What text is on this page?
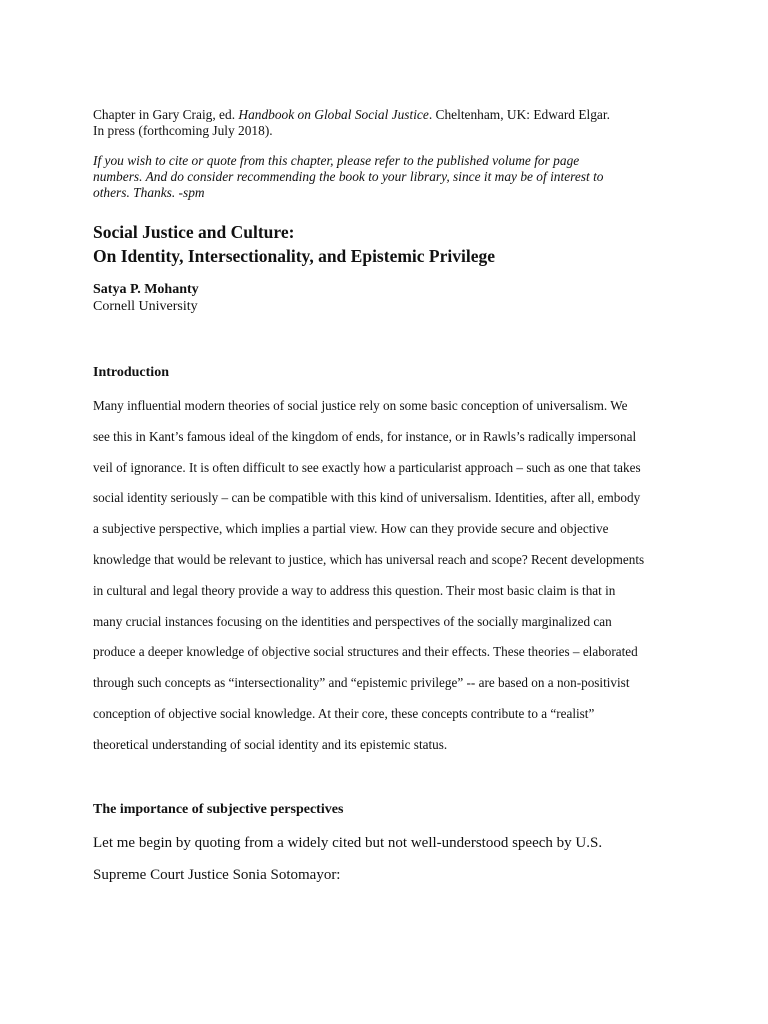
Chapter in Gary Craig, ed. Handbook on Global Social Justice. Cheltenham, UK: Edward Elgar.
In press (forthcoming July 2018).

If you wish to cite or quote from this chapter, please refer to the published volume for page
numbers. And do consider recommending the book to your library, since it may be of interest to
others. Thanks. -spm

Social Justice and Culture:
On Identity, Intersectionality, and Epistemic Privilege
Satya P. Mohanty
Cornell University
Introduction
Many influential modern theories of social justice rely on some basic conception of universalism. We
see this in Kant’s famous ideal of the kingdom of ends, for instance, or in Rawls’s radically impersonal
veil of ignorance. It is often difficult to see exactly how a particularist approach – such as one that takes
social identity seriously – can be compatible with this kind of universalism. Identities, after all, embody
a subjective perspective, which implies a partial view. How can they provide secure and objective
knowledge that would be relevant to justice, which has universal reach and scope? Recent developments
in cultural and legal theory provide a way to address this question. Their most basic claim is that in
many crucial instances focusing on the identities and perspectives of the socially marginalized can
produce a deeper knowledge of objective social structures and their effects. These theories – elaborated
through such concepts as “intersectionality” and “epistemic privilege” -- are based on a non-positivist
conception of objective social knowledge. At their core, these concepts contribute to a “realist”
theoretical understanding of social identity and its epistemic status.
The importance of subjective perspectives
Let me begin by quoting from a widely cited but not well-understood speech by U.S.
Supreme Court Justice Sonia Sotomayor:
